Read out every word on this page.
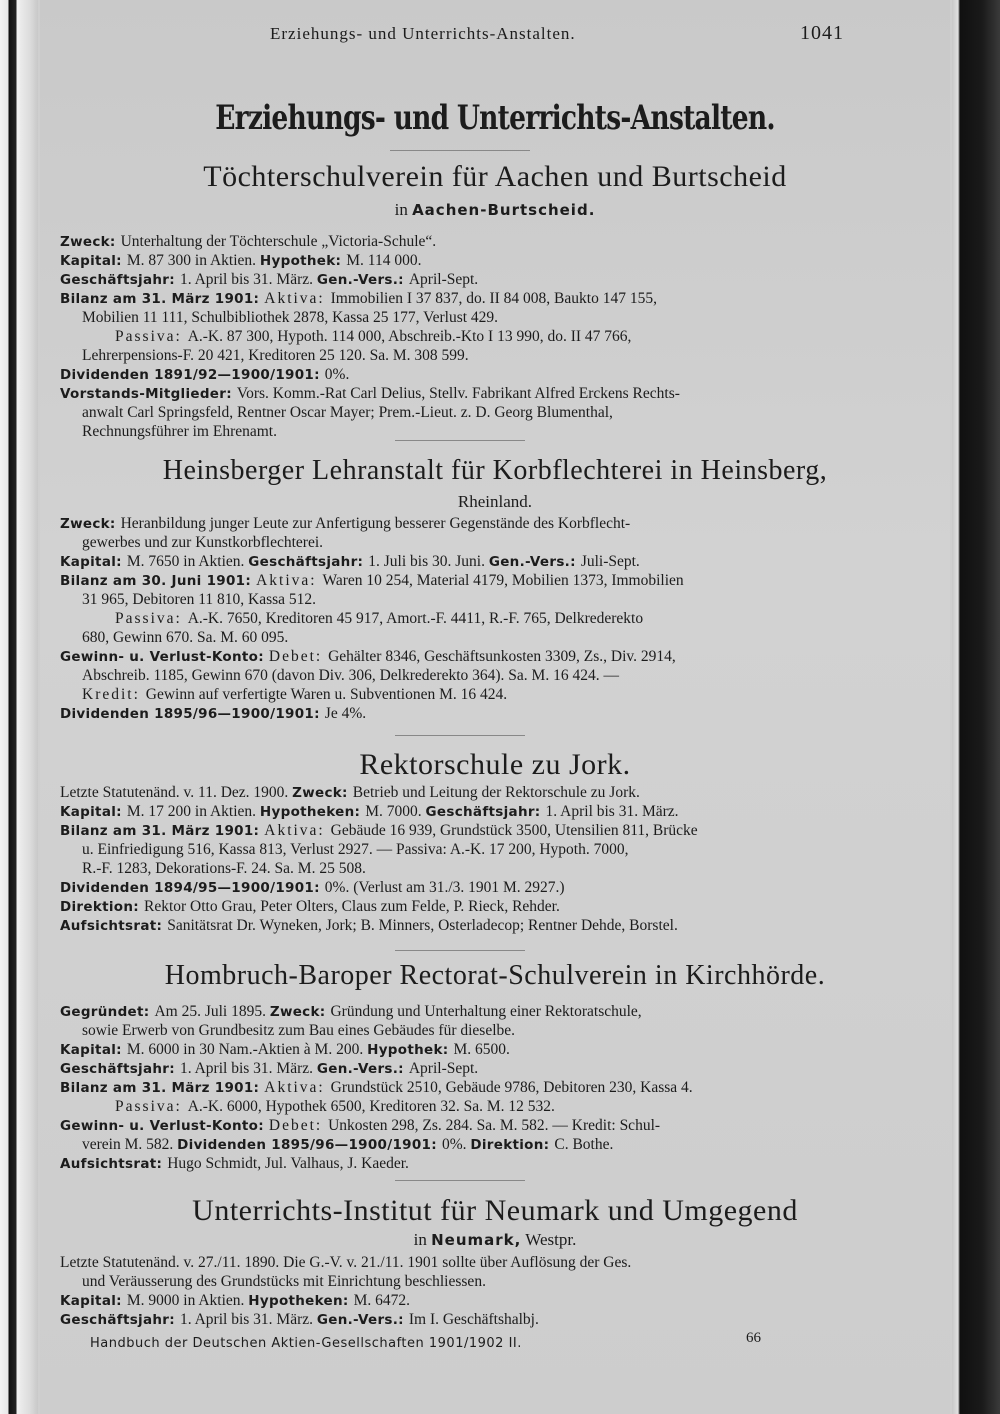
Erziehungs- und Unterrichts-Anstalten.	1041
Erziehungs- und Unterrichts-Anstalten.
Töchterschulverein für Aachen und Burtscheid
in Aachen-Burtscheid.
Zweck: Unterhaltung der Töchterschule „Victoria-Schule“.
Kapital: M. 87 300 in Aktien. Hypothek: M. 114 000.
Geschäftsjahr: 1. April bis 31. März. Gen.-Vers.: April-Sept.
Bilanz am 31. März 1901: Aktiva: Immobilien I 37 837, do. II 84 008, Baukto 147 155,
Mobilien 11 111, Schulbibliothek 2878, Kassa 25 177, Verlust 429.
Passiva: A.-K. 87 300, Hypoth. 114 000, Abschreib.-Kto I 13 990, do. II 47 766,
Lehrerpensions-F. 20 421, Kreditoren 25 120. Sa. M. 308 599.
Dividenden 1891/92—1900/1901: 0%.
Vorstands-Mitglieder: Vors. Komm.-Rat Carl Delius, Stellv. Fabrikant Alfred Erckens Rechts-
anwalt Carl Springsfeld, Rentner Oscar Mayer; Prem.-Lieut. z. D. Georg Blumenthal,
Rechnungsführer im Ehrenamt.
Heinsberger Lehranstalt für Korbflechterei in Heinsberg,
Rheinland.
Zweck: Heranbildung junger Leute zur Anfertigung besserer Gegenstände des Korbflecht-
gewerbes und zur Kunstkorbflechterei.
Kapital: M. 7650 in Aktien. Geschäftsjahr: 1. Juli bis 30. Juni. Gen.-Vers.: Juli-Sept.
Bilanz am 30. Juni 1901: Aktiva: Waren 10 254, Material 4179, Mobilien 1373, Immobilien
31 965, Debitoren 11 810, Kassa 512.
Passiva: A.-K. 7650, Kreditoren 45 917, Amort.-F. 4411, R.-F. 765, Delkrederekto
680, Gewinn 670. Sa. M. 60 095.
Gewinn- u. Verlust-Konto: Debet: Gehälter 8346, Geschäftsunkosten 3309, Zs., Div. 2914,
Abschreib. 1185, Gewinn 670 (davon Div. 306, Delkrederekto 364). Sa. M. 16 424. —
Kredit: Gewinn auf verfertigte Waren u. Subventionen M. 16 424.
Dividenden 1895/96—1900/1901: Je 4%.
Rektorschule zu Jork.
Letzte Statutenänd. v. 11. Dez. 1900. Zweck: Betrieb und Leitung der Rektorschule zu Jork.
Kapital: M. 17 200 in Aktien. Hypotheken: M. 7000. Geschäftsjahr: 1. April bis 31. März.
Bilanz am 31. März 1901: Aktiva: Gebäude 16 939, Grundstück 3500, Utensilien 811, Brücke
u. Einfriedigung 516, Kassa 813, Verlust 2927. — Passiva: A.-K. 17 200, Hypoth. 7000,
R.-F. 1283, Dekorations-F. 24. Sa. M. 25 508.
Dividenden 1894/95—1900/1901: 0%. (Verlust am 31./3. 1901 M. 2927.)
Direktion: Rektor Otto Grau, Peter Olters, Claus zum Felde, P. Rieck, Rehder.
Aufsichtsrat: Sanitätsrat Dr. Wyneken, Jork; B. Minners, Osterladecop; Rentner Dehde, Borstel.
Hombruch-Baroper Rectorat-Schulverein in Kirchhörde.
Gegründet: Am 25. Juli 1895. Zweck: Gründung und Unterhaltung einer Rektoratschule,
sowie Erwerb von Grundbesitz zum Bau eines Gebäudes für dieselbe.
Kapital: M. 6000 in 30 Nam.-Aktien à M. 200. Hypothek: M. 6500.
Geschäftsjahr: 1. April bis 31. März. Gen.-Vers.: April-Sept.
Bilanz am 31. März 1901: Aktiva: Grundstück 2510, Gebäude 9786, Debitoren 230, Kassa 4.
Passiva: A.-K. 6000, Hypothek 6500, Kreditoren 32. Sa. M. 12 532.
Gewinn- u. Verlust-Konto: Debet: Unkosten 298, Zs. 284. Sa. M. 582. — Kredit: Schul-
verein M. 582. Dividenden 1895/96—1900/1901: 0%. Direktion: C. Bothe.
Aufsichtsrat: Hugo Schmidt, Jul. Valhaus, J. Kaeder.
Unterrichts-Institut für Neumark und Umgegend
in Neumark, Westpr.
Letzte Statutenänd. v. 27./11. 1890. Die G.-V. v. 21./11. 1901 sollte über Auflösung der Ges.
und Veräusserung des Grundstücks mit Einrichtung beschliessen.
Kapital: M. 9000 in Aktien. Hypotheken: M. 6472.
Geschäftsjahr: 1. April bis 31. März. Gen.-Vers.: Im I. Geschäftshalbj.
Handbuch der Deutschen Aktien-Gesellschaften 1901/1902 II.	66
